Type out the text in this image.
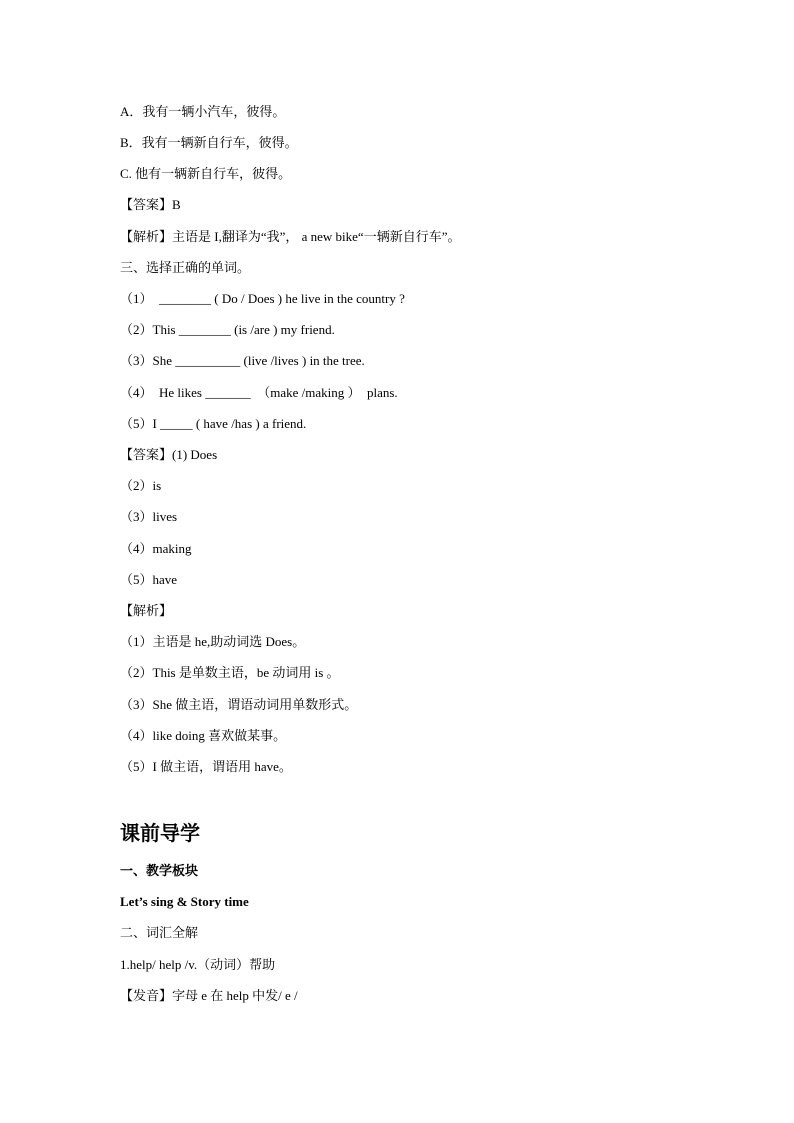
A．我有一辆小汽车，彼得。
B．我有一辆新自行车，彼得。
C. 他有一辆新自行车，彼得。
【答案】B
【解析】主语是 I,翻译为“我”， a new bike“一辆新自行车”。
三、选择正确的单词。
（1）  ________ ( Do / Does ) he live in the country ?
（2）This ________ (is /are ) my friend.
（3）She __________ (live /lives ) in the tree.
（4）  He likes _______  （make /making ）  plans.
（5）I _____ ( have /has ) a friend.
【答案】(1) Does
（2）is
（3）lives
（4）making
（5）have
【解析】
（1）主语是 he,助动词选 Does。
（2）This 是单数主语，be 动词用 is 。
（3）She 做主语，谓语动词用单数形式。
（4）like doing 喜欢做某事。
（5）I 做主语，谓语用 have。
课前导学
一、教学板块
Let’s sing & Story time
二、词汇全解
1.help/ help /v.（动词）帮助
【发音】字母 e 在 help 中发/ e /
